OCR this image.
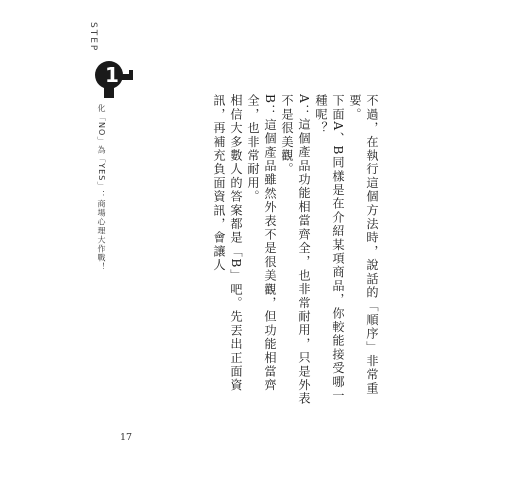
STEP
1
化「NO」為「YES」：商場心理大作戰！	不過，在執行這個方法時，說話的「順序」非常重要。
下面A、B同樣是在介紹某項商品，你較能接受哪一種呢？
A：這個產品功能相當齊全，也非常耐用，只是外表不是很美觀。
B：這個產品雖然外表不是很美觀，但功能相當齊全，也非常耐用。
相信大多數人的答案都是「B」吧。先丟出正面資訊，再補充負面資訊，會讓人
17
